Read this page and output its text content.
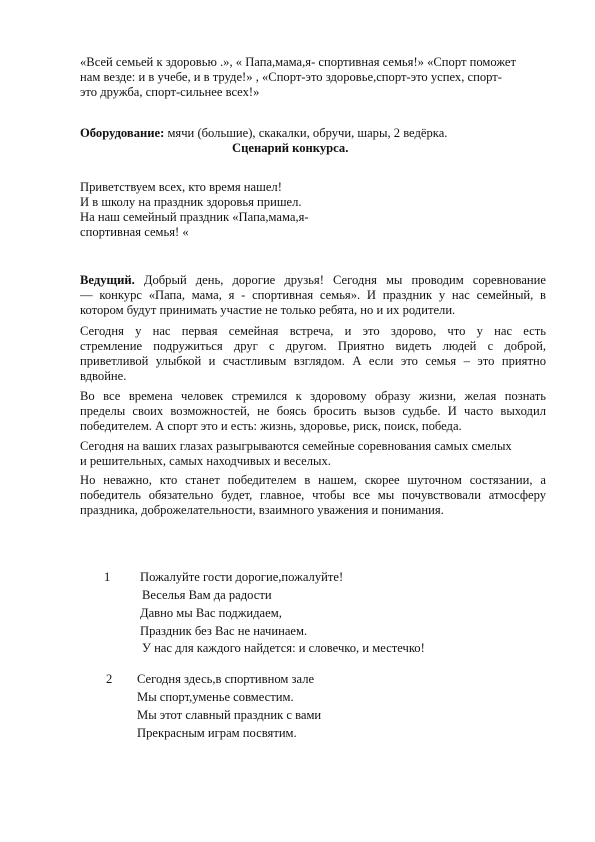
«Всей семьей к здоровью .», « Папа,мама,я- спортивная семья!» «Спорт поможет
нам везде: и в учебе, и в труде!» , «Спорт-это здоровье,спорт-это успех, спорт-
это дружба, спорт-сильнее всех!»
Оборудование: мячи (большие), скакалки, обручи, шары, 2 ведёрка.
Сценарий конкурса.
Приветствуем всех, кто время нашел!
И в школу на праздник здоровья пришел.
На наш семейный праздник «Папа,мама,я-
спортивная семья! «
Ведущий. Добрый день, дорогие друзья! Сегодня мы проводим соревнование
— конкурс «Папа, мама, я - спортивная семья». И праздник у нас семейный, в
котором будут принимать участие не только ребята, но и их родители.
Сегодня у нас первая семейная встреча, и это здорово, что у нас есть
стремление подружиться друг с другом. Приятно видеть людей с доброй,
приветливой улыбкой и счастливым взглядом. А если это семья – это приятно
вдвойне.
Во все времена человек стремился к здоровому образу жизни, желая познать
пределы своих возможностей, не боясь бросить вызов судьбе. И часто выходил
победителем. А спорт это и есть: жизнь, здоровье, риск, поиск, победа.
Сегодня на ваших глазах разыгрываются семейные соревнования самых смелых
и решительных, самых находчивых и веселых.
Но неважно, кто станет победителем в нашем, скорее шуточном состязании, а
победитель обязательно будет, главное, чтобы все мы почувствовали атмосферу
праздника, доброжелательности, взаимного уважения и понимания.
1 Пожалуйте гости дорогие,пожалуйте!
Веселья Вам да радости
Давно мы Вас поджидаем,
Праздник без Вас не начинаем.
У нас для каждого найдется: и словечко, и местечко!
2 Сегодня здесь,в спортивном зале
Мы спорт,уменье совместим.
Мы этот славный праздник с вами
Прекрасным играм посвятим.
